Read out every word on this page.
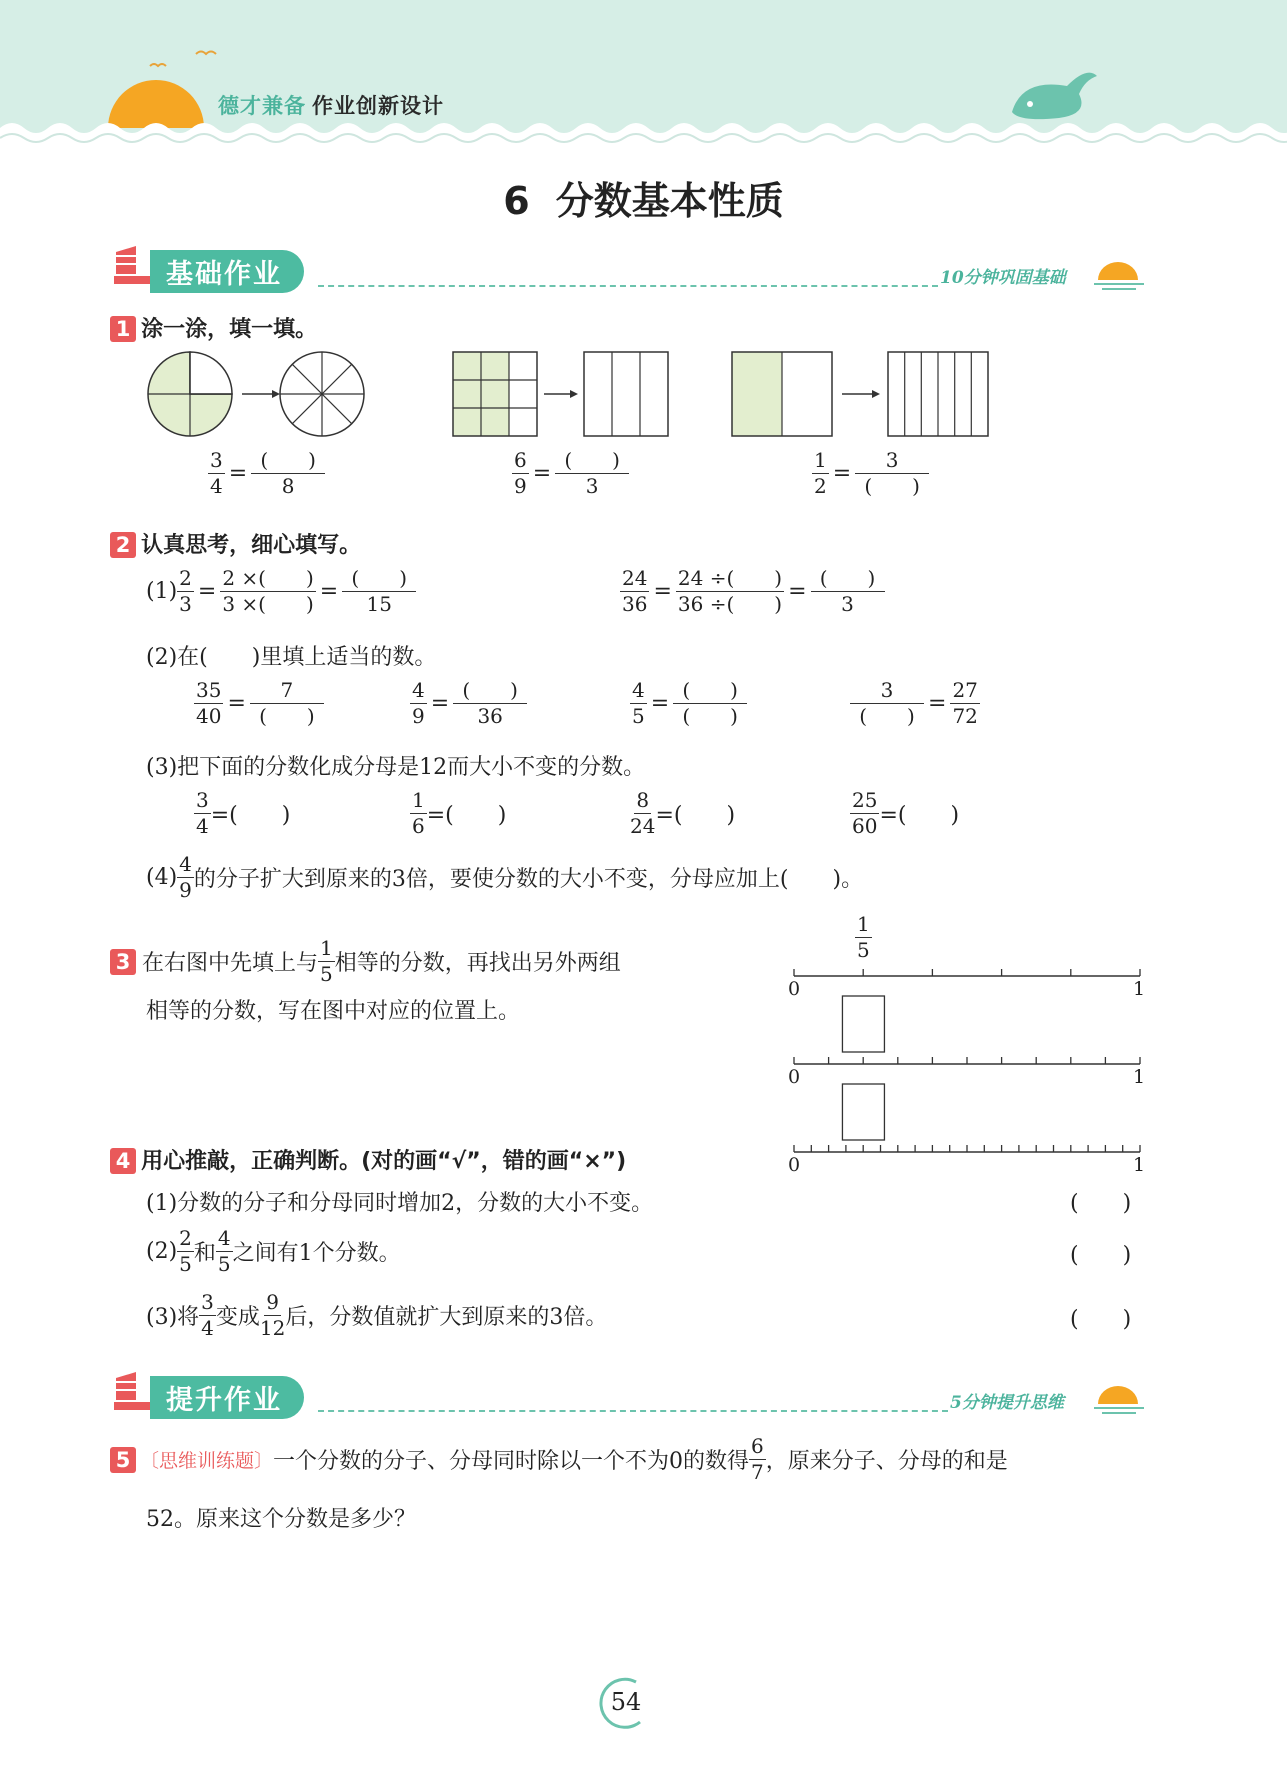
德才兼备 作业创新设计
6 分数基本性质
基础作业	10分钟巩固基础
1 涂一涂，填一填。
$\frac{3}{4} = \frac{( )}{8}$	$\frac{6}{9} = \frac{( )}{3}$	$\frac{1}{2} = \frac{3}{( )}$
2 认真思考，细心填写。
$(1) \frac{2}{3} = \frac{2 \times( )}{3 \times( )} = \frac{( )}{15}$	$\frac{24}{36} = \frac{24 \div( )}{36 \div( )} = \frac{( )}{3}$
(2)在(　　)里填上适当的数。
$\frac{35}{40} = \frac{7}{( )}$	$\frac{4}{9} = \frac{( )}{36}$	$\frac{4}{5} = \frac{( )}{( )}$	$\frac{3}{( )} = \frac{27}{72}$
(3)把下面的分数化成分母是12而大小不变的分数。
$\frac{3}{4}$ =(　　)	$\frac{1}{6}$ =(　　)	$\frac{8}{24}$ =(　　)	$\frac{25}{60}$ =(　　)
$(4) \frac{4}{9}$ 的分子扩大到原来的3倍，要使分数的大小不变，分母应加上(　　)。
3 在右图中先填上与 $\frac{1}{5}$ 相等的分数，再找出另外两组
相等的分数，写在图中对应的位置上。
$\frac{1}{5}$
0	1
0	1
0	1
4 用心推敲，正确判断。(对的画“√”，错的画“×”)
(1)分数的分子和分母同时增加2，分数的大小不变。	(　　)
$(2) \frac{2}{5}$ 和 $\frac{4}{5}$ 之间有1个分数。	(　　)
(3)将 $\frac{3}{4}$ 变成 $\frac{9}{12}$ 后，分数值就扩大到原来的3倍。	(　　)
提升作业	5分钟提升思维
5 〔思维训练题〕 一个分数的分子、分母同时除以一个不为0的数得 $\frac{6}{7}$ ，原来分子、分母的和是
52。原来这个分数是多少？
54
